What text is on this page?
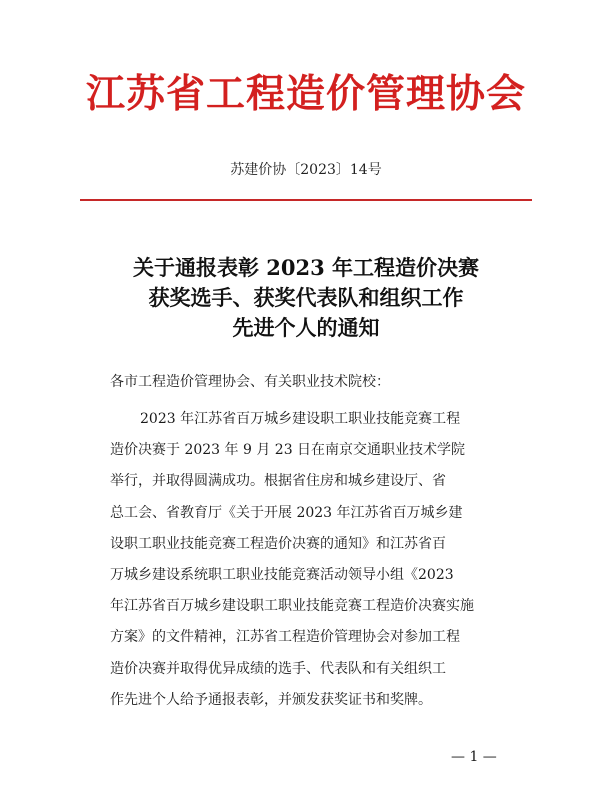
江苏省工程造价管理协会
苏建价协〔2023〕14号
关于通报表彰 2023 年工程造价决赛
获奖选手、获奖代表队和组织工作
先进个人的通知
各市工程造价管理协会、有关职业技术院校：
2023 年江苏省百万城乡建设职工职业技能竞赛工程
造价决赛于 2023 年 9 月 23 日在南京交通职业技术学院
举行，并取得圆满成功。根据省住房和城乡建设厅、省
总工会、省教育厅《关于开展 2023 年江苏省百万城乡建
设职工职业技能竞赛工程造价决赛的通知》和江苏省百
万城乡建设系统职工职业技能竞赛活动领导小组《2023
年江苏省百万城乡建设职工职业技能竞赛工程造价决赛实施
方案》的文件精神，江苏省工程造价管理协会对参加工程
造价决赛并取得优异成绩的选手、代表队和有关组织工
作先进个人给予通报表彰，并颁发获奖证书和奖牌。
— 1 —
